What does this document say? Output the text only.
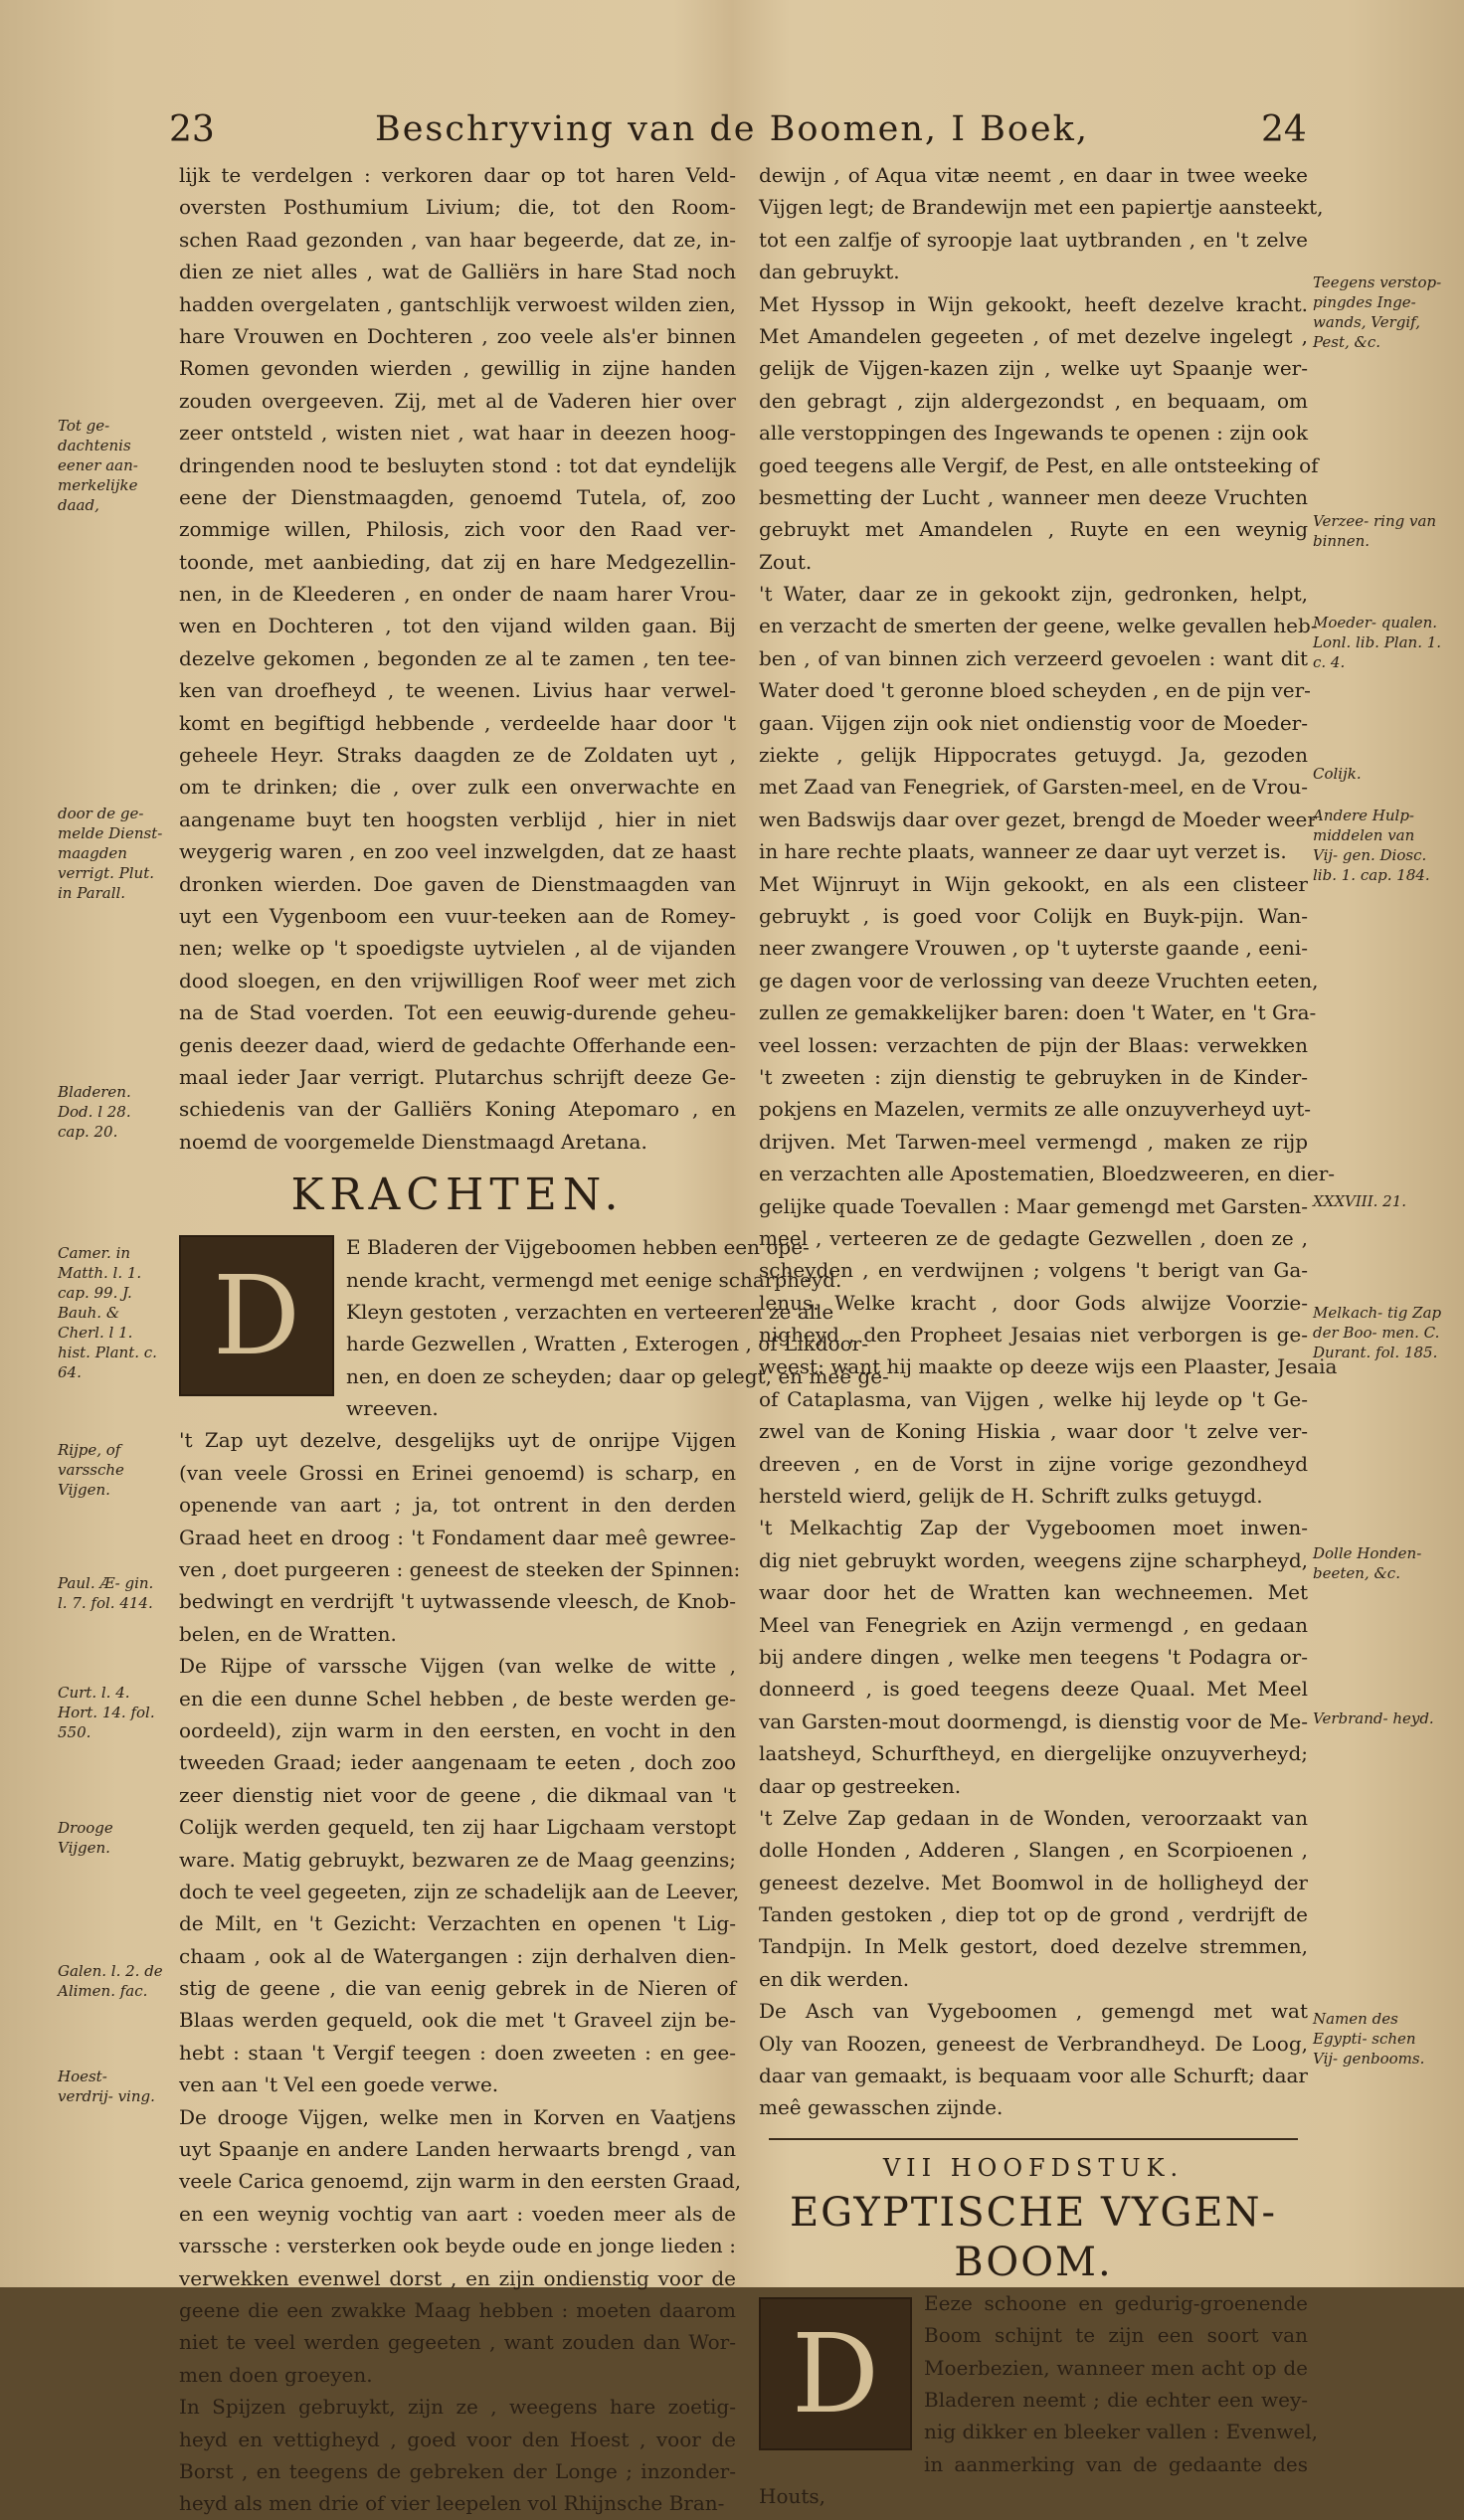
23	Beschryving van de Boomen, I Boek,	24

lijk te verdelgen : verkoren daar op tot haren Veld-

oversten Posthumium Livium; die, tot den Room-

schen Raad gezonden , van haar begeerde, dat ze, in-

dien ze niet alles , wat de Galliërs in hare Stad noch

hadden overgelaten , gantschlijk verwoest wilden zien,

hare Vrouwen en Dochteren , zoo veele als'er binnen

Romen gevonden wierden , gewillig in zijne handen

zouden overgeeven. Zij, met al de Vaderen hier over

zeer ontsteld , wisten niet , wat haar in deezen hoog-

dringenden nood te besluyten stond : tot dat eyndelijk

eene der Dienstmaagden, genoemd Tutela, of, zoo

zommige willen, Philosis, zich voor den Raad ver-

toonde, met aanbieding, dat zij en hare Medgezellin-

nen, in de Kleederen , en onder de naam harer Vrou-

wen en Dochteren , tot den vijand wilden gaan. Bij

dezelve gekomen , begonden ze al te zamen , ten tee-

ken van droefheyd , te weenen. Livius haar verwel-

komt en begiftigd hebbende , verdeelde haar door 't

geheele Heyr. Straks daagden ze de Zoldaten uyt ,

om te drinken; die , over zulk een onverwachte en

aangename buyt ten hoogsten verblijd , hier in niet

weygerig waren , en zoo veel inzwelgden, dat ze haast

dronken wierden. Doe gaven de Dienstmaagden van

uyt een Vygenboom een vuur-teeken aan de Romey-

nen; welke op 't spoedigste uytvielen , al de vijanden

dood sloegen, en den vrijwilligen Roof weer met zich

na de Stad voerden. Tot een eeuwig-durende geheu-

genis deezer daad, wierd de gedachte Offerhande een-

maal ieder Jaar verrigt. Plutarchus schrijft deeze Ge-

schiedenis van der Galliërs Koning Atepomaro , en

noemd de voorgemelde Dienstmaagd Aretana.

KRACHTEN.
D

E Bladeren der Vijgeboomen hebben een ope-

nende kracht, vermengd met eenige scharpheyd.

Kleyn gestoten , verzachten en verteeren ze alle

harde Gezwellen , Wratten , Exterogen , of Likdoor-

nen, en doen ze scheyden; daar op gelegt, en meê ge-

wreeven.

't Zap uyt dezelve, desgelijks uyt de onrijpe Vijgen

(van veele Grossi en Erinei genoemd) is scharp, en

openende van aart ; ja, tot ontrent in den derden

Graad heet en droog : 't Fondament daar meê gewree-

ven , doet purgeeren : geneest de steeken der Spinnen:

bedwingt en verdrijft 't uytwassende vleesch, de Knob-

belen, en de Wratten.

De Rijpe of varssche Vijgen (van welke de witte ,

en die een dunne Schel hebben , de beste werden ge-

oordeeld), zijn warm in den eersten, en vocht in den

tweeden Graad; ieder aangenaam te eeten , doch zoo

zeer dienstig niet voor de geene , die dikmaal van 't

Colijk werden gequeld, ten zij haar Ligchaam verstopt

ware. Matig gebruykt, bezwaren ze de Maag geenzins;

doch te veel gegeeten, zijn ze schadelijk aan de Leever,

de Milt, en 't Gezicht: Verzachten en openen 't Lig-

chaam , ook al de Watergangen : zijn derhalven dien-

stig de geene , die van eenig gebrek in de Nieren of

Blaas werden gequeld, ook die met 't Graveel zijn be-

hebt : staan 't Vergif teegen : doen zweeten : en gee-

ven aan 't Vel een goede verwe.

De drooge Vijgen, welke men in Korven en Vaatjens

uyt Spaanje en andere Landen herwaarts brengd , van

veele Carica genoemd, zijn warm in den eersten Graad,

en een weynig vochtig van aart : voeden meer als de

varssche : versterken ook beyde oude en jonge lieden :

verwekken evenwel dorst , en zijn ondienstig voor de

geene die een zwakke Maag hebben : moeten daarom

niet te veel werden gegeeten , want zouden dan Wor-

men doen groeyen.

In Spijzen gebruykt, zijn ze , weegens hare zoetig-

heyd en vettigheyd , goed voor den Hoest , voor de

Borst , en teegens de gebreken der Longe ; inzonder-

heyd als men drie of vier leepelen vol Rhijnsche Bran-

dewijn , of Aqua vitæ neemt , en daar in twee weeke

Vijgen legt; de Brandewijn met een papiertje aansteekt,

tot een zalfje of syroopje laat uytbranden , en 't zelve

dan gebruykt.

Met Hyssop in Wijn gekookt, heeft dezelve kracht.

Met Amandelen gegeeten , of met dezelve ingelegt ,

gelijk de Vijgen-kazen zijn , welke uyt Spaanje wer-

den gebragt , zijn aldergezondst , en bequaam, om

alle verstoppingen des Ingewands te openen : zijn ook

goed teegens alle Vergif, de Pest, en alle ontsteeking of

besmetting der Lucht , wanneer men deeze Vruchten

gebruykt met Amandelen , Ruyte en een weynig

Zout.

't Water, daar ze in gekookt zijn, gedronken, helpt,

en verzacht de smerten der geene, welke gevallen heb-

ben , of van binnen zich verzeerd gevoelen : want dit

Water doed 't geronne bloed scheyden , en de pijn ver-

gaan. Vijgen zijn ook niet ondienstig voor de Moeder-

ziekte , gelijk Hippocrates getuygd. Ja, gezoden

met Zaad van Fenegriek, of Garsten-meel, en de Vrou-

wen Badswijs daar over gezet, brengd de Moeder weer

in hare rechte plaats, wanneer ze daar uyt verzet is.

Met Wijnruyt in Wijn gekookt, en als een clisteer

gebruykt , is goed voor Colijk en Buyk-pijn. Wan-

neer zwangere Vrouwen , op 't uyterste gaande , eeni-

ge dagen voor de verlossing van deeze Vruchten eeten,

zullen ze gemakkelijker baren: doen 't Water, en 't Gra-

veel lossen: verzachten de pijn der Blaas: verwekken

't zweeten : zijn dienstig te gebruyken in de Kinder-

pokjens en Mazelen, vermits ze alle onzuyverheyd uyt-

drijven. Met Tarwen-meel vermengd , maken ze rijp

en verzachten alle Apostematien, Bloedzweeren, en dier-

gelijke quade Toevallen : Maar gemengd met Garsten-

meel , verteeren ze de gedagte Gezwellen , doen ze ,

scheyden , en verdwijnen ; volgens 't berigt van Ga-

lenus. Welke kracht , door Gods alwijze Voorzie-

nigheyd , den Propheet Jesaias niet verborgen is ge-

weest: want hij maakte op deeze wijs een Plaaster, Jesaia

of Cataplasma, van Vijgen , welke hij leyde op 't Ge-

zwel van de Koning Hiskia , waar door 't zelve ver-

dreeven , en de Vorst in zijne vorige gezondheyd

hersteld wierd, gelijk de H. Schrift zulks getuygd.

't Melkachtig Zap der Vygeboomen moet inwen-

dig niet gebruykt worden, weegens zijne scharpheyd,

waar door het de Wratten kan wechneemen. Met

Meel van Fenegriek en Azijn vermengd , en gedaan

bij andere dingen , welke men teegens 't Podagra or-

donneerd , is goed teegens deeze Quaal. Met Meel

van Garsten-mout doormengd, is dienstig voor de Me-

laatsheyd, Schurftheyd, en diergelijke onzuyverheyd;

daar op gestreeken.

't Zelve Zap gedaan in de Wonden, veroorzaakt van

dolle Honden , Adderen , Slangen , en Scorpioenen ,

geneest dezelve. Met Boomwol in de holligheyd der

Tanden gestoken , diep tot op de grond , verdrijft de

Tandpijn. In Melk gestort, doed dezelve stremmen,

en dik werden.

De Asch van Vygeboomen , gemengd met wat

Oly van Roozen, geneest de Verbrandheyd. De Loog,

daar van gemaakt, is bequaam voor alle Schurft; daar

meê gewasschen zijnde.

VII HOOFDSTUK.
EGYPTISCHE VYGEN-
BOOM.
D

Eeze schoone en gedurig-groenende

Boom schijnt te zijn een soort van

Moerbezien, wanneer men acht op de

Bladeren neemt ; die echter een wey-

nig dikker en bleeker vallen : Evenwel,

in aanmerking van de gedaante des

Houts,

Tot ge- dachtenis eener aan- merkelijke daad,
door de ge- melde Dienst- maagden verrigt. Plut. in Parall.
Bladeren. Dod. l 28. cap. 20.
Camer. in Matth. l. 1. cap. 99. J. Bauh. & Cherl. l 1. hist. Plant. c. 64.
Rijpe, of varssche Vijgen.
Paul. Æ- gin. l. 7. fol. 414.
Curt. l. 4. Hort. 14. fol. 550.
Drooge Vijgen.
Galen. l. 2. de Alimen. fac.
Hoest- verdrij- ving.
Teegens verstop- pingdes Inge- wands, Vergif, Pest, &c.
Verzee- ring van binnen.
Moeder- qualen. Lonl. lib. Plan. 1. c. 4.
Colijk.
Andere Hulp- middelen van Vij- gen. Diosc. lib. 1. cap. 184.
XXXVIII. 21.
Melkach- tig Zap der Boo- men. C. Durant. fol. 185.
Dolle Honden- beeten, &c.
Verbrand- heyd.
Namen des Egypti- schen Vij- genbooms.
